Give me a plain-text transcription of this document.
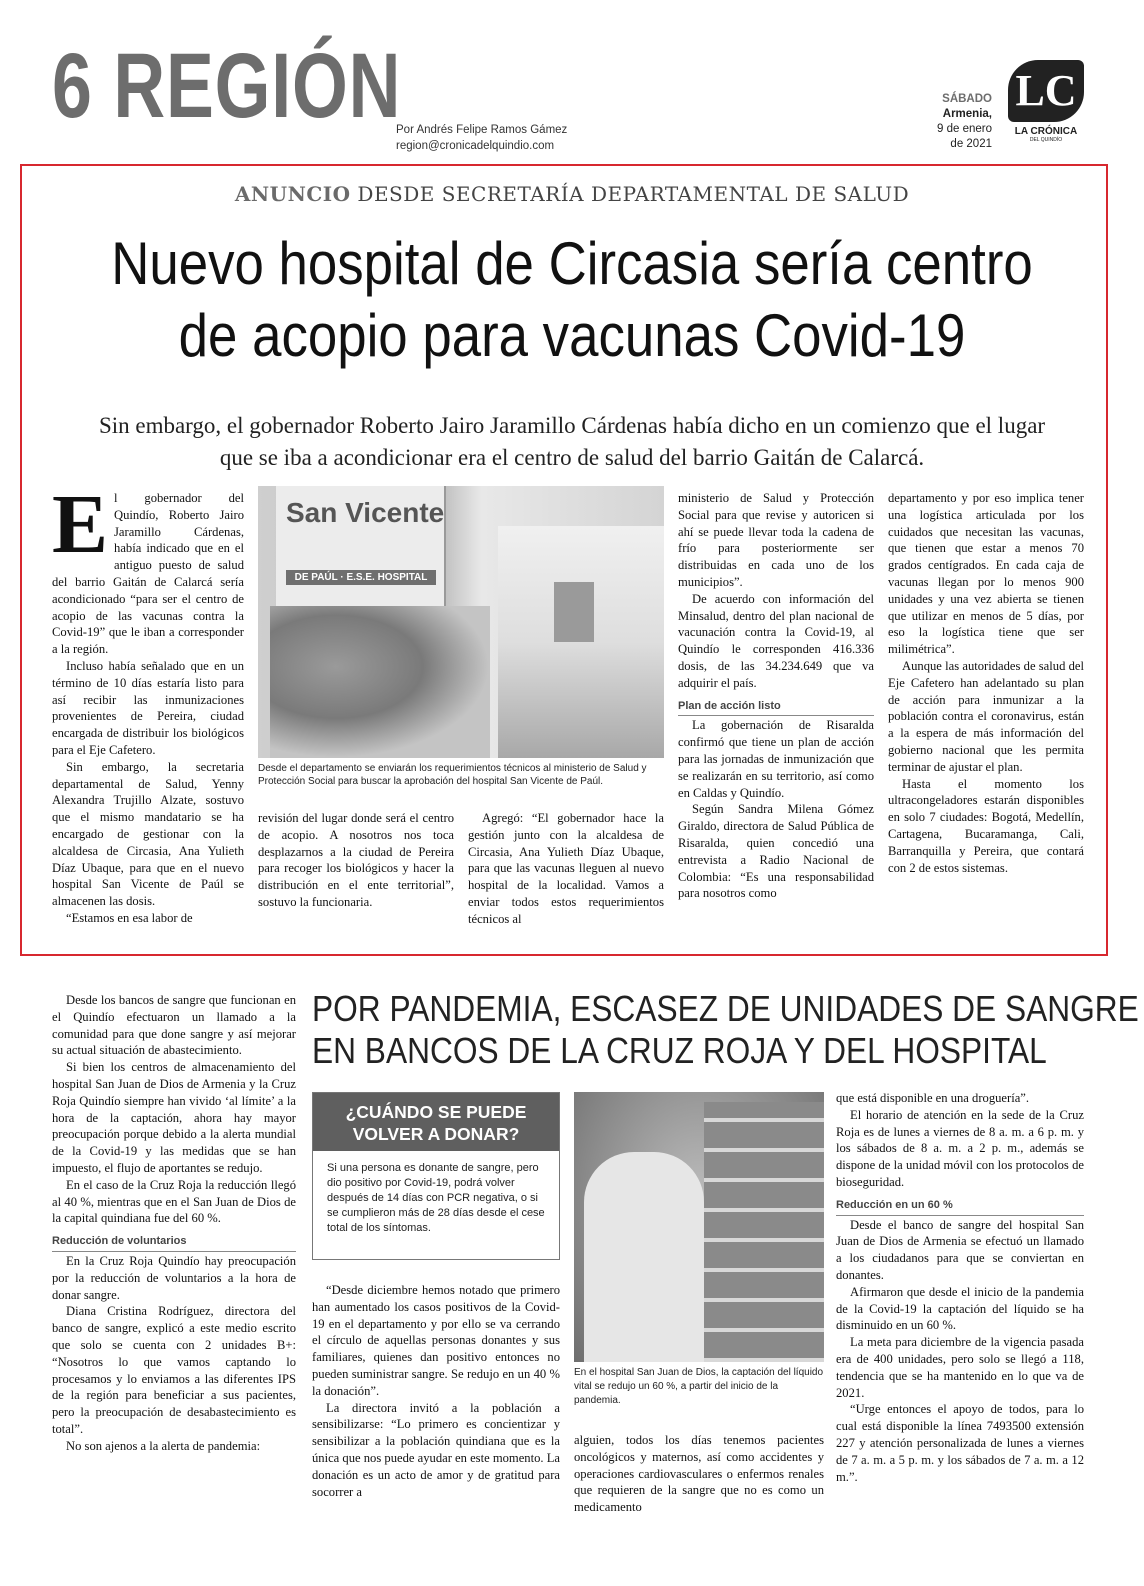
6 REGIÓN
Por Andrés Felipe Ramos Gámez
region@cronicadelquindio.com
SÁBADO
Armenia,
9 de enero
de 2021
LC
LA CRÓNICA
DEL QUINDÍO
ANUNCIO DESDE SECRETARÍA DEPARTAMENTAL DE SALUD
Nuevo hospital de Circasia sería centro
de acopio para vacunas Covid-19
Sin embargo, el gobernador Roberto Jairo Jaramillo Cárdenas había dicho en un comienzo que el lugar
que se iba a acondicionar era el centro de salud del barrio Gaitán de Calarcá.

El gobernador del Quindío, Roberto Jairo Jaramillo Cárdenas, había indicado que en el antiguo puesto de salud del barrio Gaitán de Calarcá sería acondicionado “para ser el centro de acopio de las vacunas contra la Covid-19” que le iban a corresponder a la región.

Incluso había señalado que en un término de 10 días estaría listo para así recibir las inmunizaciones provenientes de Pereira, ciudad encargada de distribuir los biológicos para el Eje Cafetero.

Sin embargo, la secretaria departamental de Salud, Yenny Alexandra Trujillo Alzate, sostuvo que el mismo mandatario se ha encargado de gestionar con la alcaldesa de Circasia, Ana Yulieth Díaz Ubaque, para que en el nuevo hospital San Vicente de Paúl se almacenen las dosis.

“Estamos en esa labor de

San Vicente
DE PAÚL · E.S.E. HOSPITAL
Desde el departamento se enviarán los requerimientos técnicos al ministerio de Salud y Protección Social para buscar la aprobación del hospital San Vicente de Paúl.

revisión del lugar donde será el centro de acopio. A nosotros nos toca desplazarnos a la ciudad de Pereira para recoger los biológicos y hacer la distribución en el ente territorial”, sostuvo la funcionaria.

Agregó: “El gobernador hace la gestión junto con la alcaldesa de Circasia, Ana Yulieth Díaz Ubaque, para que las vacunas lleguen al nuevo hospital de la localidad. Vamos a enviar todos estos requerimientos técnicos al

ministerio de Salud y Protección Social para que revise y autoricen si ahí se puede llevar toda la cadena de frío para posteriormente ser distribuidas en cada uno de los municipios”.

De acuerdo con información del Minsalud, dentro del plan nacional de vacunación contra la Covid-19, al Quindío le corresponden 416.336 dosis, de las 34.234.649 que va adquirir el país.

Plan de acción listo

La gobernación de Risaralda confirmó que tiene un plan de acción para las jornadas de inmunización que se realizarán en su territorio, así como en Caldas y Quindío.

Según Sandra Milena Gómez Giraldo, directora de Salud Pública de Risaralda, quien concedió una entrevista a Radio Nacional de Colombia: “Es una responsabilidad para nosotros como

departamento y por eso implica tener una logística articulada por los cuidados que necesitan las vacunas, que tienen que estar a menos 70 grados centígrados. En cada caja de vacunas llegan por lo menos 900 unidades y una vez abierta se tienen que utilizar en menos de 5 días, por eso la logística tiene que ser milimétrica”.

Aunque las autoridades de salud del Eje Cafetero han adelantado su plan de acción para inmunizar a la población contra el coronavirus, están a la espera de más información del gobierno nacional que les permita terminar de ajustar el plan.

Hasta el momento los ultracongeladores estarán disponibles en solo 7 ciudades: Bogotá, Medellín, Cartagena, Bucaramanga, Cali, Barranquilla y Pereira, que contará con 2 de estos sistemas.

Desde los bancos de sangre que funcionan en el Quindío efectuaron un llamado a la comunidad para que done sangre y así mejorar su actual situación de abastecimiento.

Si bien los centros de almacenamiento del hospital San Juan de Dios de Armenia y la Cruz Roja Quindío siempre han vivido ‘al límite’ a la hora de la captación, ahora hay mayor preocupación porque debido a la alerta mundial de la Covid-19 y las medidas que se han impuesto, el flujo de aportantes se redujo.

En el caso de la Cruz Roja la reducción llegó al 40 %, mientras que en el San Juan de Dios de la capital quindiana fue del 60 %.

Reducción de voluntarios

En la Cruz Roja Quindío hay preocupación por la reducción de voluntarios a la hora de donar sangre.

Diana Cristina Rodríguez, directora del banco de sangre, explicó a este medio escrito que solo se cuenta con 2 unidades B+: “Nosotros lo que vamos captando lo procesamos y lo enviamos a las diferentes IPS de la región para beneficiar a sus pacientes, pero la preocupación de desabastecimiento es total”.

No son ajenos a la alerta de pandemia:

POR PANDEMIA, ESCASEZ DE UNIDADES DE SANGRE
EN BANCOS DE LA CRUZ ROJA Y DEL HOSPITAL
¿CUÁNDO SE PUEDE VOLVER A DONAR?
Si una persona es donante de sangre, pero dio positivo por Covid-19, podrá volver después de 14 días con PCR negativa, o si se cumplieron más de 28 días desde el cese total de los síntomas.

“Desde diciembre hemos notado que primero han aumentado los casos positivos de la Covid-19 en el departamento y por ello se va cerrando el círculo de aquellas personas donantes y sus familiares, quienes dan positivo entonces no pueden suministrar sangre. Se redujo en un 40 % la donación”.

La directora invitó a la población a sensibilizarse: “Lo primero es concientizar y sensibilizar a la población quindiana que es la única que nos puede ayudar en este momento. La donación es un acto de amor y de gratitud para socorrer a

En el hospital San Juan de Dios, la captación del líquido vital se redujo un 60 %, a partir del inicio de la pandemia.

alguien, todos los días tenemos pacientes oncológicos y maternos, así como accidentes y operaciones cardiovasculares o enfermos renales que requieren de la sangre que no es como un medicamento

que está disponible en una droguería”.

El horario de atención en la sede de la Cruz Roja es de lunes a viernes de 8 a. m. a 6 p. m. y los sábados de 8 a. m. a 2 p. m., además se dispone de la unidad móvil con los protocolos de bioseguridad.

Reducción en un 60 %

Desde el banco de sangre del hospital San Juan de Dios de Armenia se efectuó un llamado a los ciudadanos para que se conviertan en donantes.

Afirmaron que desde el inicio de la pandemia de la Covid-19 la captación del líquido se ha disminuido en un 60 %.

La meta para diciembre de la vigencia pasada era de 400 unidades, pero solo se llegó a 118, tendencia que se ha mantenido en lo que va de 2021.

“Urge entonces el apoyo de todos, para lo cual está disponible la línea 7493500 extensión 227 y atención personalizada de lunes a viernes de 7 a. m. a 5 p. m. y los sábados de 7 a. m. a 12 m.”.
